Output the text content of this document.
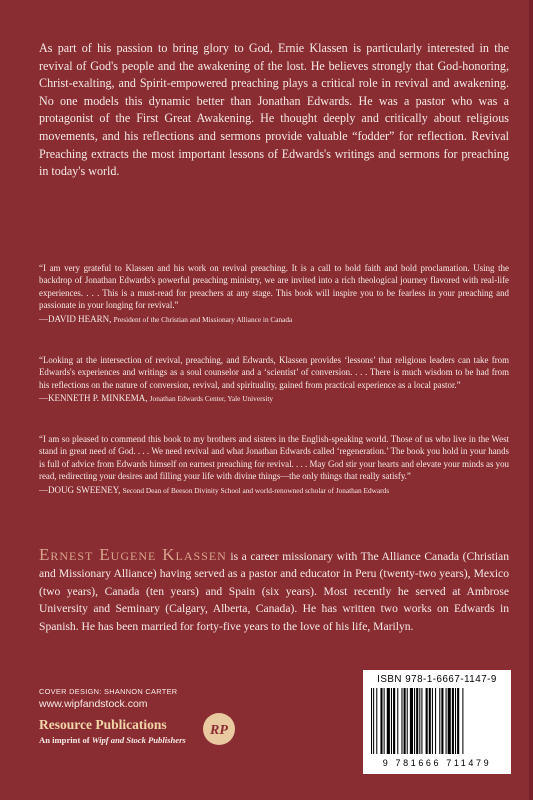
As part of his passion to bring glory to God, Ernie Klassen is particularly interested in the revival of God's people and the awakening of the lost. He believes strongly that God-honoring, Christ-exalting, and Spirit-empowered preaching plays a critical role in revival and awakening. No one models this dynamic better than Jonathan Edwards. He was a pastor who was a protagonist of the First Great Awakening. He thought deeply and critically about religious movements, and his reflections and sermons provide valuable “fodder” for reflection. Revival Preaching extracts the most important lessons of Edwards's writings and sermons for preaching in today's world.

“I am very grateful to Klassen and his work on revival preaching. It is a call to bold faith and bold proclamation. Using the backdrop of Jonathan Edwards's powerful preaching ministry, we are invited into a rich theological journey flavored with real-life experiences. . . . This is a must-read for preachers at any stage. This book will inspire you to be fearless in your preaching and passionate in your longing for revival.”

—DAVID HEARN, President of the Christian and Missionary Alliance in Canada

“Looking at the intersection of revival, preaching, and Edwards, Klassen provides ‘lessons’ that religious leaders can take from Edwards's experiences and writings as a soul counselor and a ‘scientist’ of conversion. . . . There is much wisdom to be had from his reflections on the nature of conversion, revival, and spirituality, gained from practical experience as a local pastor.”

—KENNETH P. MINKEMA, Jonathan Edwards Center, Yale University

“I am so pleased to commend this book to my brothers and sisters in the English-speaking world. Those of us who live in the West stand in great need of God. . . . We need revival and what Jonathan Edwards called ‘regeneration.’ The book you hold in your hands is full of advice from Edwards himself on earnest preaching for revival. . . . May God stir your hearts and elevate your minds as you read, redirecting your desires and filling your life with divine things—the only things that really satisfy.”

—DOUG SWEENEY, Second Dean of Beeson Divinity School and world-renowned scholar of Jonathan Edwards

Ernest Eugene Klassen is a career missionary with The Alliance Canada (Christian and Missionary Alliance) having served as a pastor and educator in Peru (twenty-two years), Mexico (two years), Canada (ten years) and Spain (six years). Most recently he served at Ambrose University and Seminary (Calgary, Alberta, Canada). He has written two works on Edwards in Spanish. He has been married for forty-five years to the love of his life, Marilyn.

COVER DESIGN: SHANNON CARTER
www.wipfandstock.com
Resource Publications
An imprint of Wipf and Stock Publishers
RP
ISBN 978-1-6667-1147-9
9 781666 711479
